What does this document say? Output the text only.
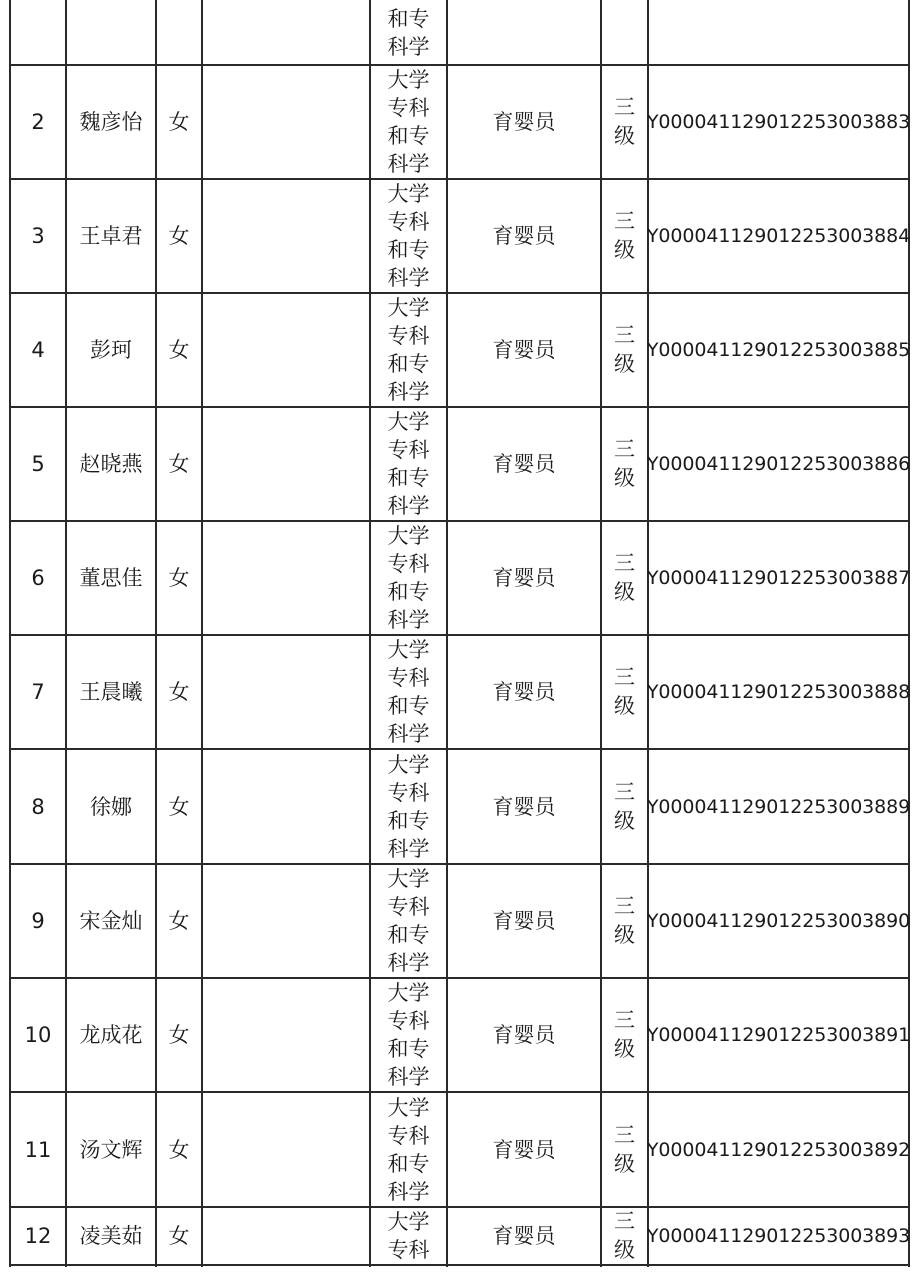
和专
科学
2 魏彦怡 女
大学
专科
和专
科学
育婴员
三
级
Y000041129012253003883
3 王卓君 女
大学
专科
和专
科学
育婴员
三
级
Y000041129012253003884
4 彭珂 女
大学
专科
和专
科学
育婴员
三
级
Y000041129012253003885
5 赵晓燕 女
大学
专科
和专
科学
育婴员
三
级
Y000041129012253003886
6 董思佳 女
大学
专科
和专
科学
育婴员
三
级
Y000041129012253003887
7 王晨曦 女
大学
专科
和专
科学
育婴员
三
级
Y000041129012253003888
8 徐娜 女
大学
专科
和专
科学
育婴员
三
级
Y000041129012253003889
9 宋金灿 女
大学
专科
和专
科学
育婴员
三
级
Y000041129012253003890
10 龙成花 女
大学
专科
和专
科学
育婴员
三
级
Y000041129012253003891
11 汤文辉 女
大学
专科
和专
科学
育婴员
三
级
Y000041129012253003892
12 凌美茹 女
大学
专科
育婴员
三
级
Y000041129012253003893
